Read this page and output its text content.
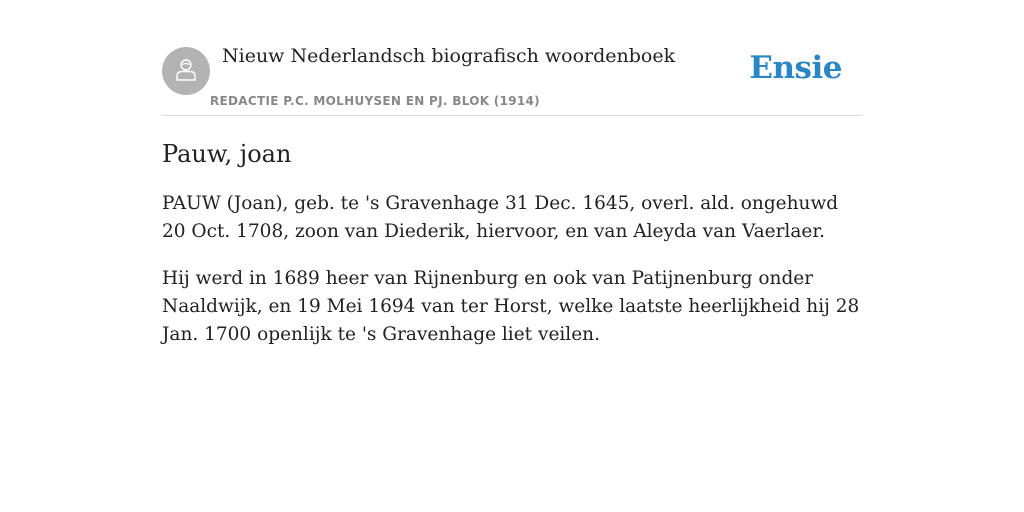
Nieuw Nederlandsch biografisch woordenboek
REDACTIE P.C. MOLHUYSEN EN PJ. BLOK (1914)
Ensie
Pauw, joan

PAUW (Joan), geb. te 's Gravenhage 31 Dec. 1645, overl. ald. ongehuwd 20 Oct. 1708, zoon van Diederik, hiervoor, en van Aleyda van Vaerlaer.

Hij werd in 1689 heer van Rijnenburg en ook van Patijnenburg onder Naaldwijk, en 19 Mei 1694 van ter Horst, welke laatste heerlijkheid hij 28 Jan. 1700 openlijk te 's Gravenhage liet veilen.
